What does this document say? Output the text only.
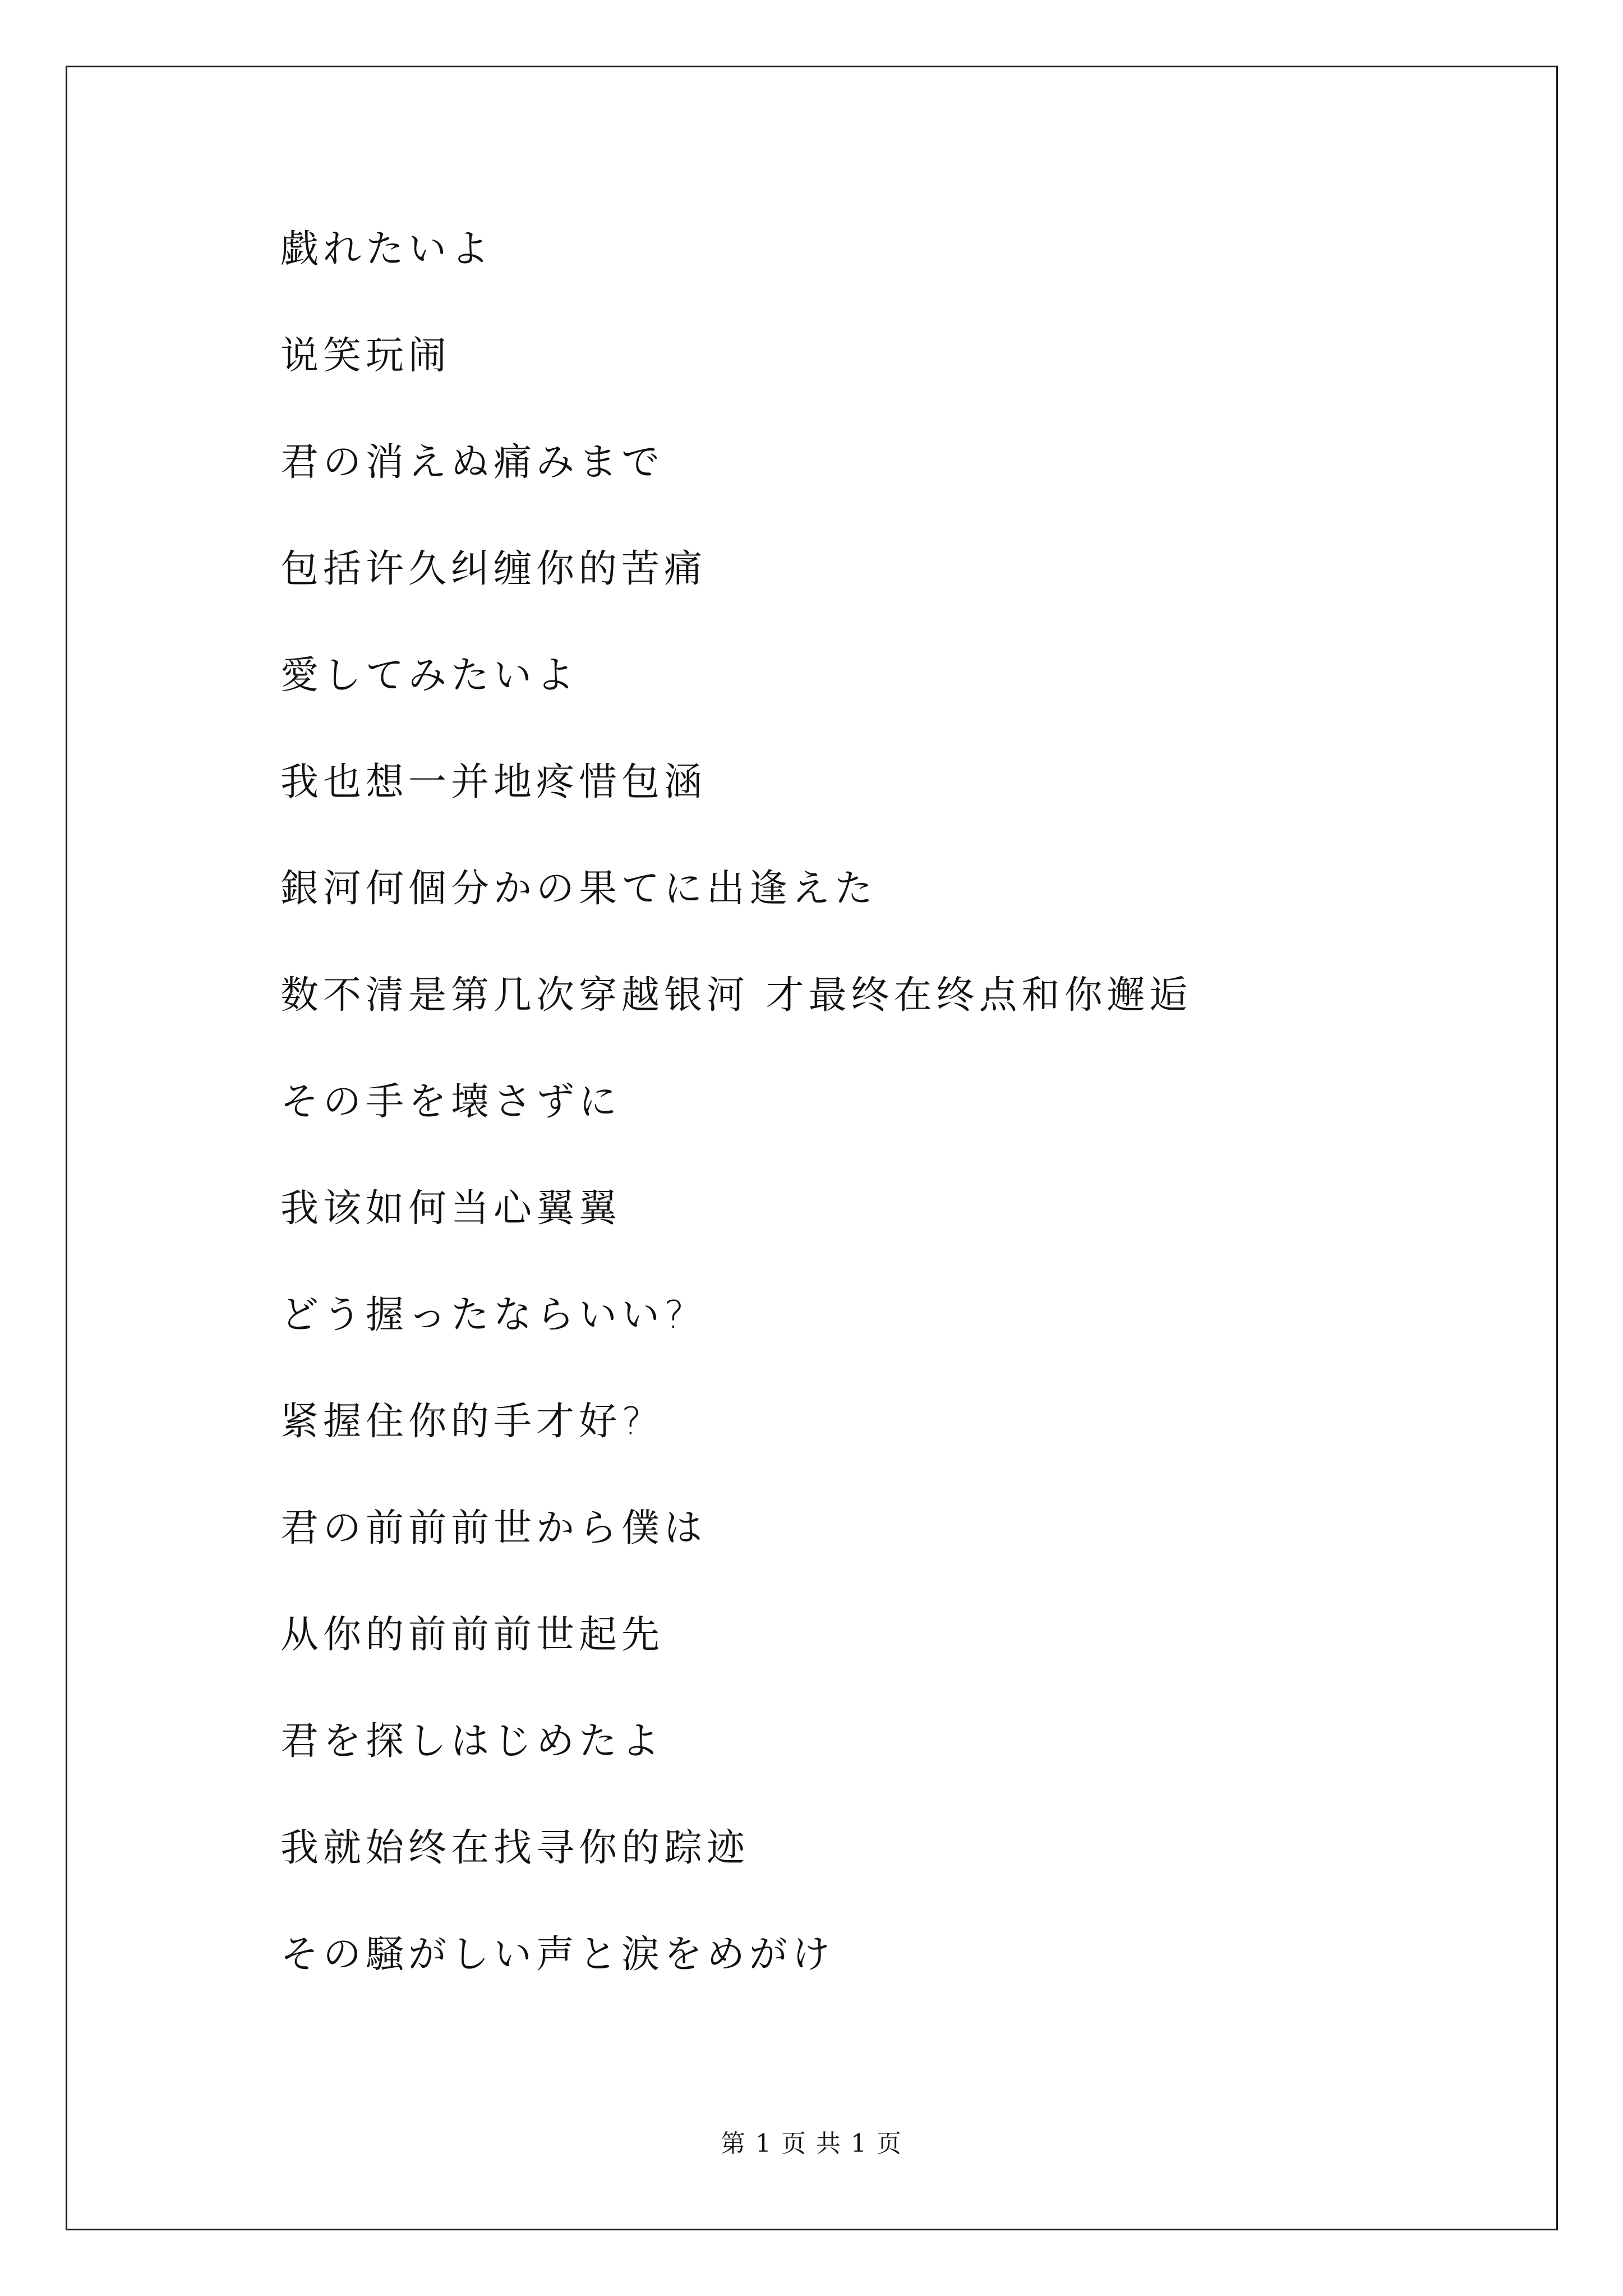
戯れたいよ
说笑玩闹
君の消えぬ痛みまで
包括许久纠缠你的苦痛
愛してみたいよ
我也想一并地疼惜包涵
銀河何個分かの果てに出逢えた
数不清是第几次穿越银河 才最终在终点和你邂逅
その手を壊さずに
我该如何当心翼翼
どう握ったならいい?
紧握住你的手才好?
君の前前前世から僕は
从你的前前前世起先
君を探しはじめたよ
我就始终在找寻你的踪迹
その騒がしい声と涙をめがけ
第 1 页 共 1 页
